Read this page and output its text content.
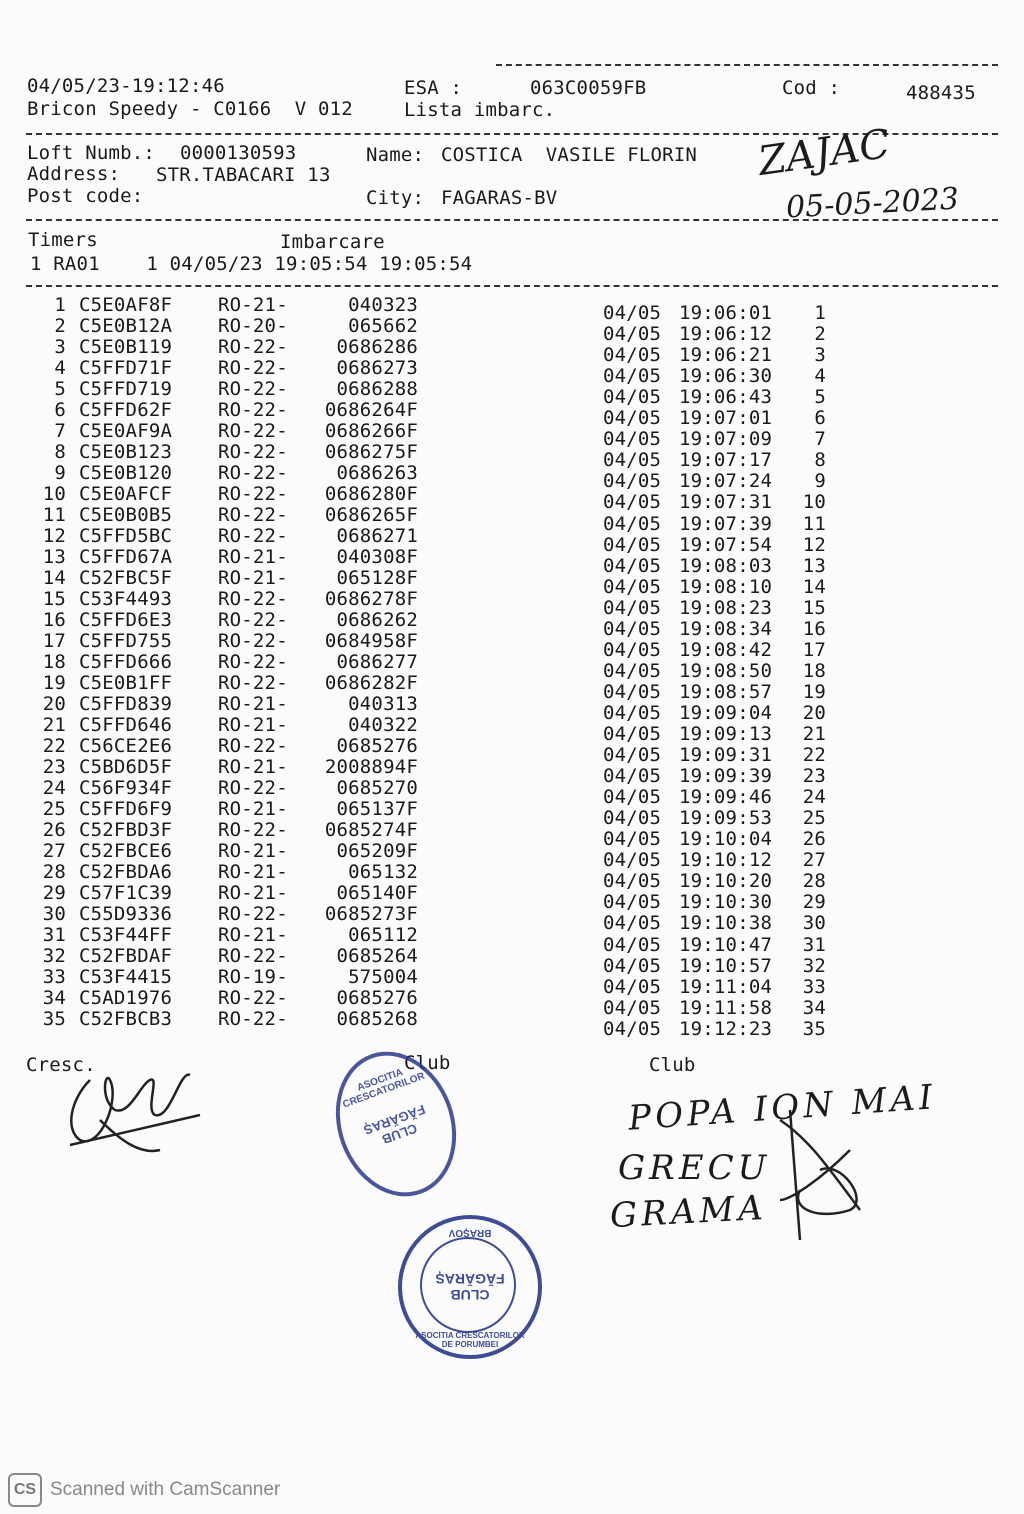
04/05/23-19:12:46	ESA :	063C0059FB	Cod :	488435
Bricon Speedy - C0166  V 012	Lista imbarc.
Loft Numb.: 0000130593	Name: COSTICA  VASILE FLORIN
Address: STR.TABACARI 13
Post code:	City: FAGARAS-BV
ZAJAC
05-05-2023
Timers	Imbarcare
1 RA01    1 04/05/23 19:05:54 19:05:54
1 C5E0AF8F RO-21-	040323	04/05 19:06:01	1
2 C5E0B12A RO-20-	065662	04/05 19:06:12	2
3 C5E0B119 RO-22-	0686286	04/05 19:06:21	3
4 C5FFD71F RO-22-	0686273	04/05 19:06:30	4
5 C5FFD719 RO-22-	0686288	04/05 19:06:43	5
6 C5FFD62F RO-22-	0686264F	04/05 19:07:01	6
7 C5E0AF9A RO-22-	0686266F	04/05 19:07:09	7
8 C5E0B123 RO-22-	0686275F	04/05 19:07:17	8
9 C5E0B120 RO-22-	0686263	04/05 19:07:24	9
10 C5E0AFCF RO-22-	0686280F	04/05 19:07:31 10
11 C5E0B0B5 RO-22-	0686265F	04/05 19:07:39 11
12 C5FFD5BC RO-22-	0686271	04/05 19:07:54 12
13 C5FFD67A RO-21-	040308F	04/05 19:08:03 13
14 C52FBC5F RO-21-	065128F	04/05 19:08:10 14
15 C53F4493 RO-22-	0686278F	04/05 19:08:23 15
16 C5FFD6E3 RO-22-	0686262	04/05 19:08:34 16
17 C5FFD755 RO-22-	0684958F	04/05 19:08:42 17
18 C5FFD666 RO-22-	0686277	04/05 19:08:50 18
19 C5E0B1FF RO-22-	0686282F	04/05 19:08:57 19
20 C5FFD839 RO-21-	040313	04/05 19:09:04 20
21 C5FFD646 RO-21-	040322	04/05 19:09:13 21
22 C56CE2E6 RO-22-	0685276	04/05 19:09:31 22
23 C5BD6D5F RO-21-	2008894F	04/05 19:09:39 23
24 C56F934F RO-22-	0685270	04/05 19:09:46 24
25 C5FFD6F9 RO-21-	065137F	04/05 19:09:53 25
26 C52FBD3F RO-22-	0685274F	04/05 19:10:04 26
27 C52FBCE6 RO-21-	065209F	04/05 19:10:12 27
28 C52FBDA6 RO-21-	065132	04/05 19:10:20 28
29 C57F1C39 RO-21-	065140F	04/05 19:10:30 29
30 C55D9336 RO-22-	0685273F	04/05 19:10:38 30
31 C53F44FF RO-21-	065112	04/05 19:10:47 31
32 C52FBDAF RO-22-	0685264	04/05 19:10:57 32
33 C53F4415 RO-19-	575004	04/05 19:11:04 33
34 C5AD1976 RO-22-	0685276	04/05 19:11:58 34
35 C52FBCB3 RO-22-	0685268	04/05 19:12:23 35
Cresc.	Club	Club
POPA ION MAI
GRECU
GRAMA
ASOCITIA CRESCATORILOR
CLUB FĂGĂRAȘ
BRAȘOV
CLUB FĂGĂRAȘ
ASOCITIA CRESCATORILOR DE PORUMBEI
CS Scanned with CamScanner
